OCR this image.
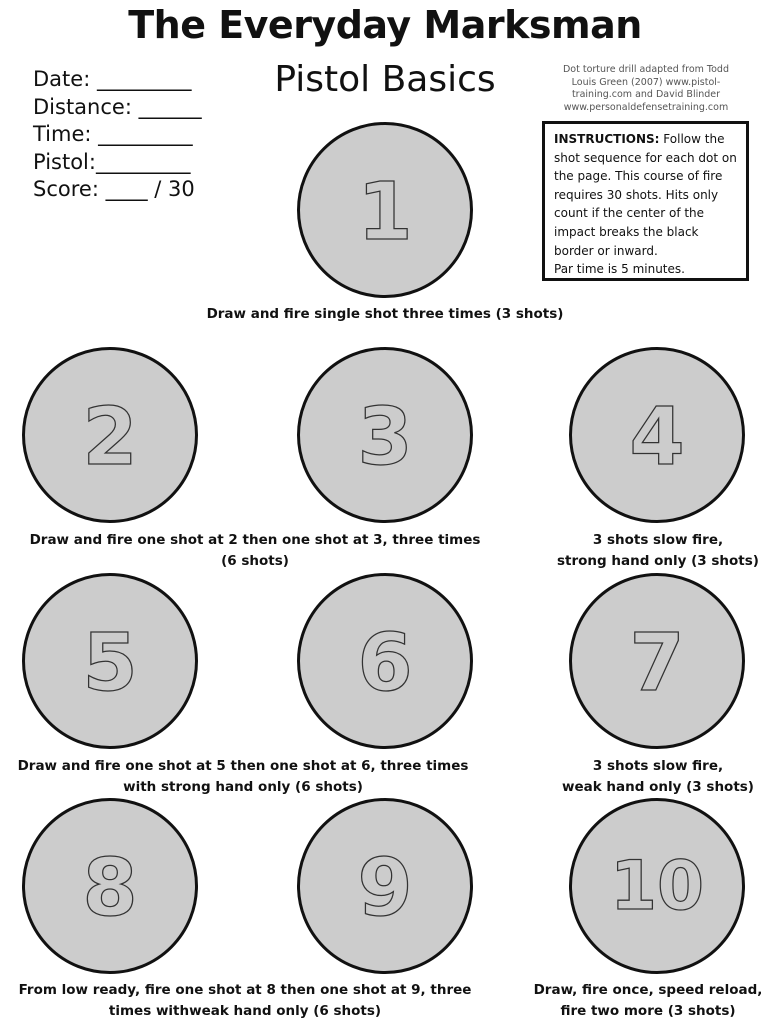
The Everyday Marksman
Pistol Basics
Date: _________
Distance: ______
Time: _________
Pistol:_________
Score: ____ / 30
Dot torture drill adapted from Todd
Louis Green (2007) www.pistol-
training.com and David Blinder
www.personaldefensetraining.com
INSTRUCTIONS: Follow the shot sequence for each dot on the page. This course of fire requires 30 shots. Hits only count if the center of the impact breaks the black border or inward.
Par time is 5 minutes.
1
2	3	4
5	6	7
8	9	10
Draw and fire single shot three times (3 shots)
Draw and fire one shot at 2 then one shot at 3, three times
(6 shots)
3 shots slow fire,
strong hand only (3 shots)
Draw and fire one shot at 5 then one shot at 6, three times
with strong hand only (6 shots)
3 shots slow fire,
weak hand only (3 shots)
From low ready, fire one shot at 8 then one shot at 9, three
times withweak hand only (6 shots)
Draw, fire once, speed reload,
fire two more (3 shots)
